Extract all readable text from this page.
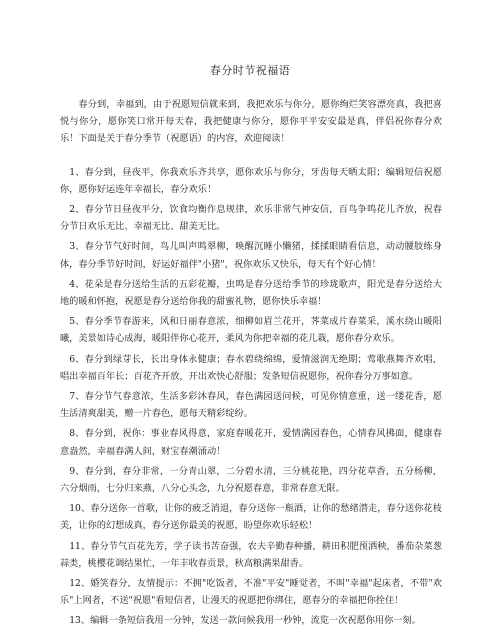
春分时节祝福语

春分到，幸福到，由于祝愿短信就来到，我把欢乐与你分，愿你绚烂笑容漂亮真，我把喜悦与你分，愿你笑口常开每天春，我把健康与你分，愿你平平安安最是真，伴侣祝你春分欢乐！下面是关于春分季节（祝愿语）的内容，欢迎阅读！

1、春分到，昼夜平，你我欢乐齐共享，愿你欢乐与你分，牙齿每天晒太阳；编辑短信祝愿你，愿你好运连年幸福长，春分欢乐！

2、春分节日昼夜平分，饮食均衡作息规律，欢乐非常气神安信，百鸟争鸣花儿齐放，祝春分节日欢乐无比、幸福无比、甜美无比。

3、春分节气好时间，鸟儿叫声鸣翠柳，唤醒沉睡小懒猪，揉揉眼睛看信息，动动腰肢练身体，春分季节好时间，好运好福伴"小猪"，祝你欢乐又快乐，每天有个好心情！

4、花朵是春分送给生活的五彩花瓣，虫鸣是春分送给季节的珍珑歌声，阳光是春分送给大地的暖和怀抱，祝愿是春分送给你我的甜蜜礼物，愿你快乐幸福！

5、春分季节春游来，风和日丽春意浓，细柳如眉兰花开，荠菜成片春菜采，溪水绕山暖阳曦，美景如诗心成海，暖阳伴你心花开，柔风为你把幸福的花儿栽，愿你春分欢乐。

6、春分到绿芽长，长出身体永健康；春水碧绕绵绵，爱情滋润无绝期；莺歌燕舞齐欢唱，唱出幸福百年长；百花齐开放，开出欢快心舒服；发条短信祝愿你，祝你春分万事如意。

7、春分节气春意浓，生活多彩沐春风，春色满园送问候，可见你情意重，送一缕花香，愿生活清爽甜美，赠一片春色，愿每天精彩绽纷。

8、春分到，祝你：事业春风得意，家庭春暖花开，爱情满园春色，心情春风拂面，健康春意盎然，幸福春满人间，财宝春潮涌动！

9、春分到，春分非常，一分青山翠，二分碧水清，三分桃花艳，四分花草香，五分杨柳，六分烟雨，七分归来燕，八分心头念，九分祝愿春意，非常春意无限。

10、春分送你一首歌，让你的疲乏消退，春分送你一瓶酒，让你的愁绪潜走，春分送你花枝美，让你的幻想成真，春分送你最美的祝愿，盼望你欢乐轻松！

11、春分节气百花先芳，学子读书苦奋强，农夫辛勤春种播，耕田积肥预洒秧，番茄杂菜葱蒜类，桃樱花调结果忙，一年丰收春贡景，秋高粮满果甜香。

12、婚笑春分，友情提示：不拥"吃饭者，不准"平安"睡觉者，不叫"幸福"起床者，不带"欢乐"上网者，不送"祝愿"看短信者，让漫天的祝愿把你绑住，愿春分的幸福把你拴住！

13、编辑一条短信我用一分钟，发送一款问候我用一秒钟，流览一次祝愿你用你一刻。
